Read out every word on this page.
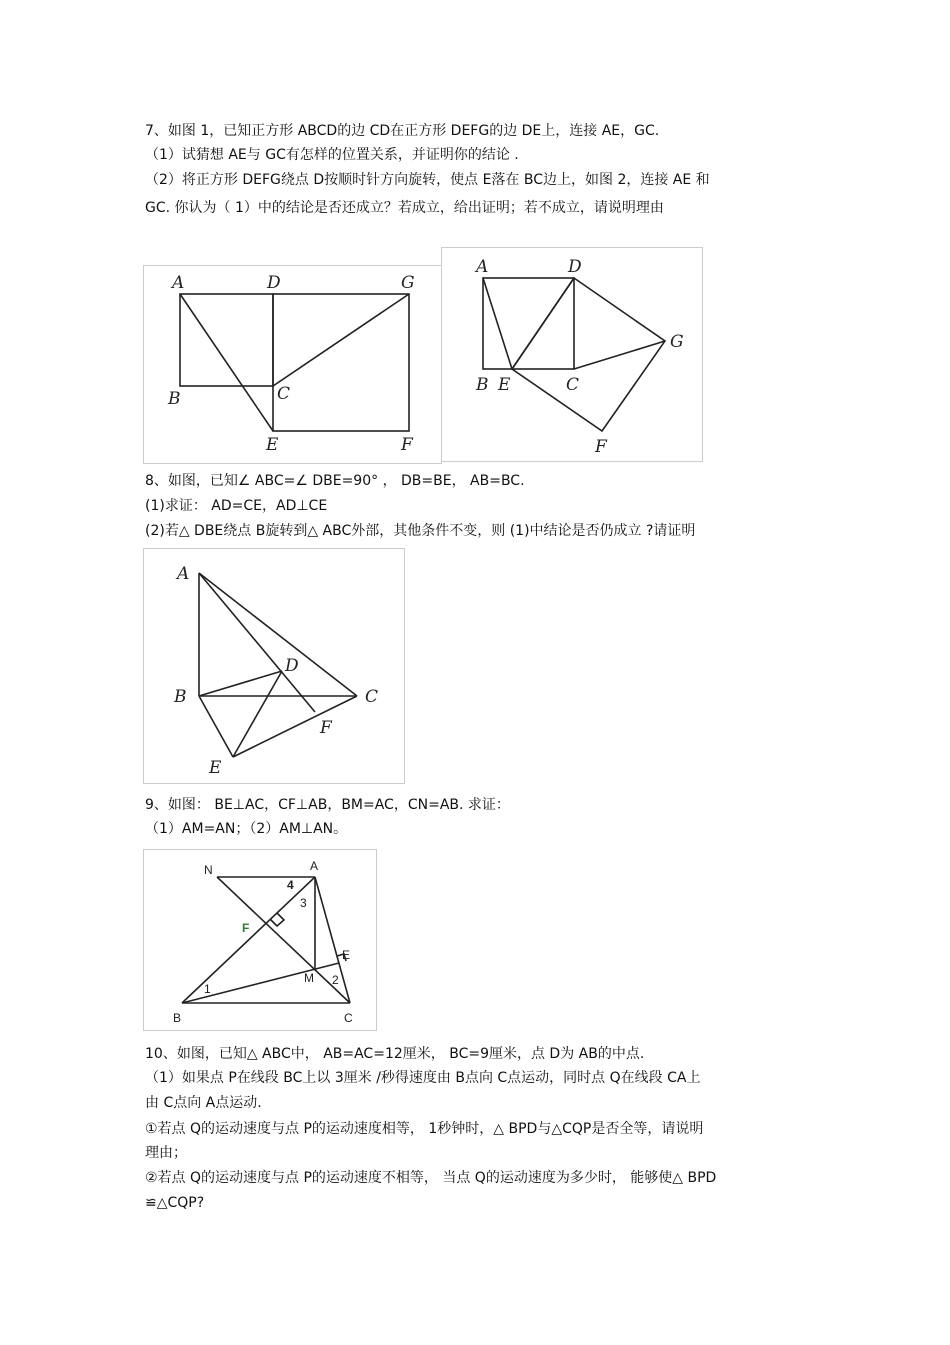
7、如图 1，已知正方形 ABCD的边 CD在正方形 DEFG的边 DE上，连接 AE，GC.
（1）试猜想 AE与 GC有怎样的位置关系，并证明你的结论 .
（2）将正方形 DEFG绕点 D按顺时针方向旋转，使点 E落在 BC边上，如图 2，连接 AE 和
GC. 你认为（ 1）中的结论是否还成立？若成立，给出证明；若不成立，请说明理由
A	D	G
B	C
E	F
A	D
G
B E	C
F
8、如图，已知∠ ABC=∠ DBE=90° ， DB=BE， AB=BC.
(1)求证： AD=CE，AD⊥CE
(2)若△ DBE绕点 B旋转到△ ABC外部，其他条件不变，则 (1)中结论是否仍成立 ?请证明
A
D
B	C
F
E
9、如图： BE⊥AC，CF⊥AB，BM=AC，CN=AB. 求证：
（1）AM=AN；（2）AM⊥AN。
N	A
4
3
F
E
M 2
1
B	C
10、如图，已知△ ABC中， AB=AC=12厘米， BC=9厘米，点 D为 AB的中点.
（1）如果点 P在线段 BC上以 3厘米 /秒得速度由 B点向 C点运动，同时点 Q在线段 CA上
由 C点向 A点运动.
①若点 Q的运动速度与点 P的运动速度相等， 1秒钟时，△ BPD与△CQP是否全等，请说明
理由；
②若点 Q的运动速度与点 P的运动速度不相等， 当点 Q的运动速度为多少时， 能够使△ BPD
≌△CQP?
